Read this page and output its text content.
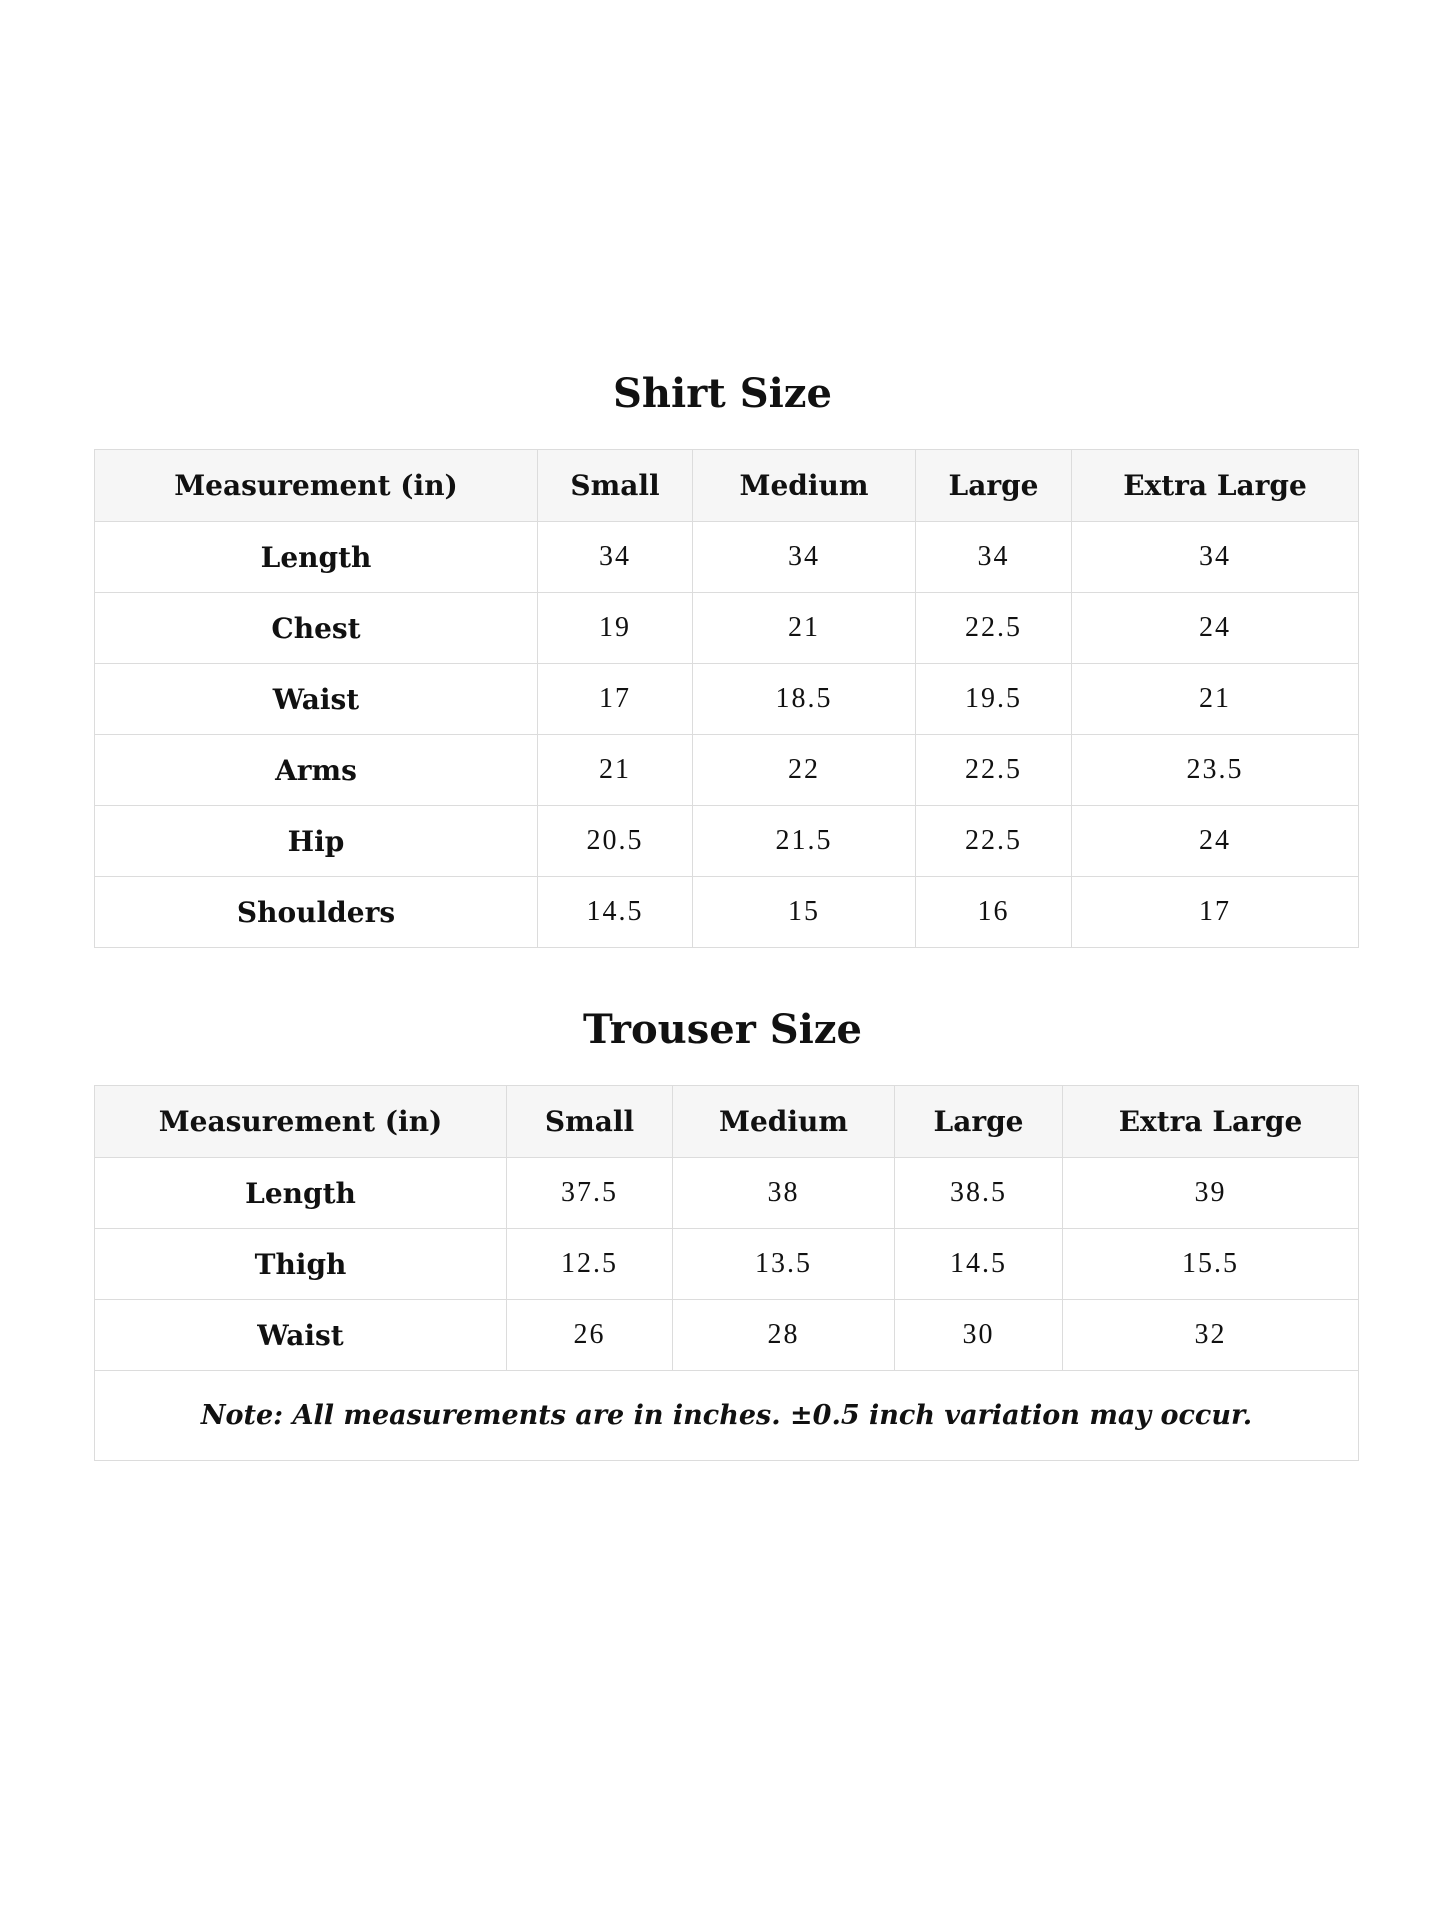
Shirt Size
Measurement (in)	Small	Medium	Large	Extra Large
Length	34	34	34	34
Chest	19	21	22.5	24
Waist	17	18.5	19.5	21
Arms	21	22	22.5	23.5
Hip	20.5	21.5	22.5	24
Shoulders	14.5	15	16	17
Trouser Size
Measurement (in)	Small	Medium	Large	Extra Large
Length	37.5	38	38.5	39
Thigh	12.5	13.5	14.5	15.5
Waist	26	28	30	32
Note: All measurements are in inches. ±0.5 inch variation may occur.				
